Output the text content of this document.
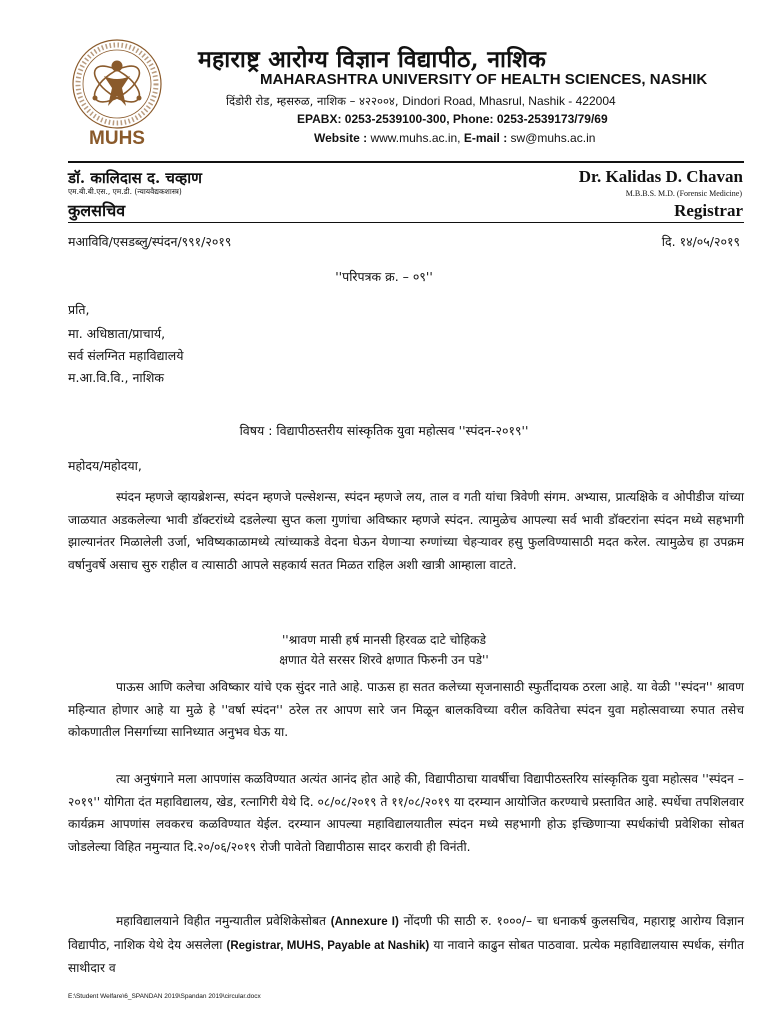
MUHS
महाराष्ट्र आरोग्य विज्ञान विद्यापीठ, नाशिक
MAHARASHTRA UNIVERSITY OF HEALTH SCIENCES, NASHIK
दिंडोरी रोड, म्हसरुळ, नाशिक – ४२२००४, Dindori Road, Mhasrul, Nashik - 422004
EPABX: 0253-2539100-300, Phone: 0253-2539173/79/69
Website : www.muhs.ac.in, E-mail : sw@muhs.ac.in
डॉ. कालिदास द. चव्हाण
एम.बी.बी.एस., एम.डी. (न्यायवैद्यकशास्त्र)
कुलसचिव
Dr. Kalidas D. Chavan
M.B.B.S. M.D. (Forensic Medicine)
Registrar
मआविवि/एसडब्लु/स्पंदन/९९१/२०१९	दि. १४/०५/२०१९
''परिपत्रक क्र. – ०९''
प्रति,
मा. अधिष्ठाता/प्राचार्य,
सर्व संलग्नित महाविद्यालये
म.आ.वि.वि., नाशिक
विषय : विद्यापीठस्तरीय सांस्कृतिक युवा महोत्सव ''स्पंदन-२०१९''
महोदय/महोदया,
स्पंदन म्हणजे व्हायब्रेशन्स, स्पंदन म्हणजे पल्सेशन्स, स्पंदन म्हणजे लय, ताल व गती यांचा त्रिवेणी संगम. अभ्यास, प्रात्यक्षिके व ओपीडीज यांच्या जाळयात अडकलेल्या भावी डॉक्टरांध्ये दडलेल्या सुप्त कला गुणांचा अविष्कार म्हणजे स्पंदन. त्यामुळेच आपल्या सर्व भावी डॉक्टरांना स्पंदन मध्ये सहभागी झाल्यानंतर मिळालेली उर्जा, भविष्यकाळामध्ये त्यांच्याकडे वेदना घेऊन येणाऱ्या रुग्णांच्या चेहऱ्यावर हसु फुलविण्यासाठी मदत करेल. त्यामुळेच हा उपक्रम वर्षानुवर्षे असाच सुरु राहील व त्यासाठी आपले सहकार्य सतत मिळत राहिल अशी खात्री आम्हाला वाटते.
''श्रावण मासी हर्ष मानसी हिरवळ दाटे चोहिकडे
क्षणात येते सरसर शिरवे क्षणात फिरुनी उन पडे''
पाऊस आणि कलेचा अविष्कार यांचे एक सुंदर नाते आहे. पाऊस हा सतत कलेच्या सृजनासाठी स्फुर्तीदायक ठरला आहे. या वेळी ''स्पंदन'' श्रावण महिन्यात होणार आहे या मुळे हे ''वर्षा स्पंदन'' ठरेल तर आपण सारे जन मिळून बालकविच्या वरील कवितेचा स्पंदन युवा महोत्सवाच्या रुपात तसेच कोकणातील निसर्गाच्या सानिध्यात अनुभव घेऊ या.
त्या अनुषंगाने मला आपणांस कळविण्यात अत्यंत आनंद होत आहे की, विद्यापीठाचा यावर्षीचा विद्यापीठस्तरिय सांस्कृतिक युवा महोत्सव ''स्पंदन – २०१९'' योगिता दंत महाविद्यालय, खेड, रत्नागिरी येथे दि. ०८/०८/२०१९ ते ११/०८/२०१९ या दरम्यान आयोजित करण्याचे प्रस्तावित आहे. स्पर्धेचा तपशिलवार कार्यक्रम आपणांस लवकरच कळविण्यात येईल. दरम्यान आपल्या महाविद्यालयातील स्पंदन मध्ये सहभागी होऊ इच्छिणाऱ्या स्पर्धकांची प्रवेशिका सोबत जोडलेल्या विहित नमुन्यात दि.२०/०६/२०१९ रोजी पावेतो विद्यापीठास सादर करावी ही विनंती.
महाविद्यालयाने विहीत नमुन्यातील प्रवेशिकेसोबत (Annexure I) नोंदणी फी साठी रु. १०००/– चा धनाकर्ष कुलसचिव, महाराष्ट्र आरोग्य विज्ञान विद्यापीठ, नाशिक येथे देय असलेला (Registrar, MUHS, Payable at Nashik) या नावाने काढुन सोबत पाठवावा. प्रत्येक महाविद्यालयास स्पर्धक, संगीत साथीदार व
E:\Student Welfare\6_SPANDAN 2019\Spandan 2019\circular.docx
